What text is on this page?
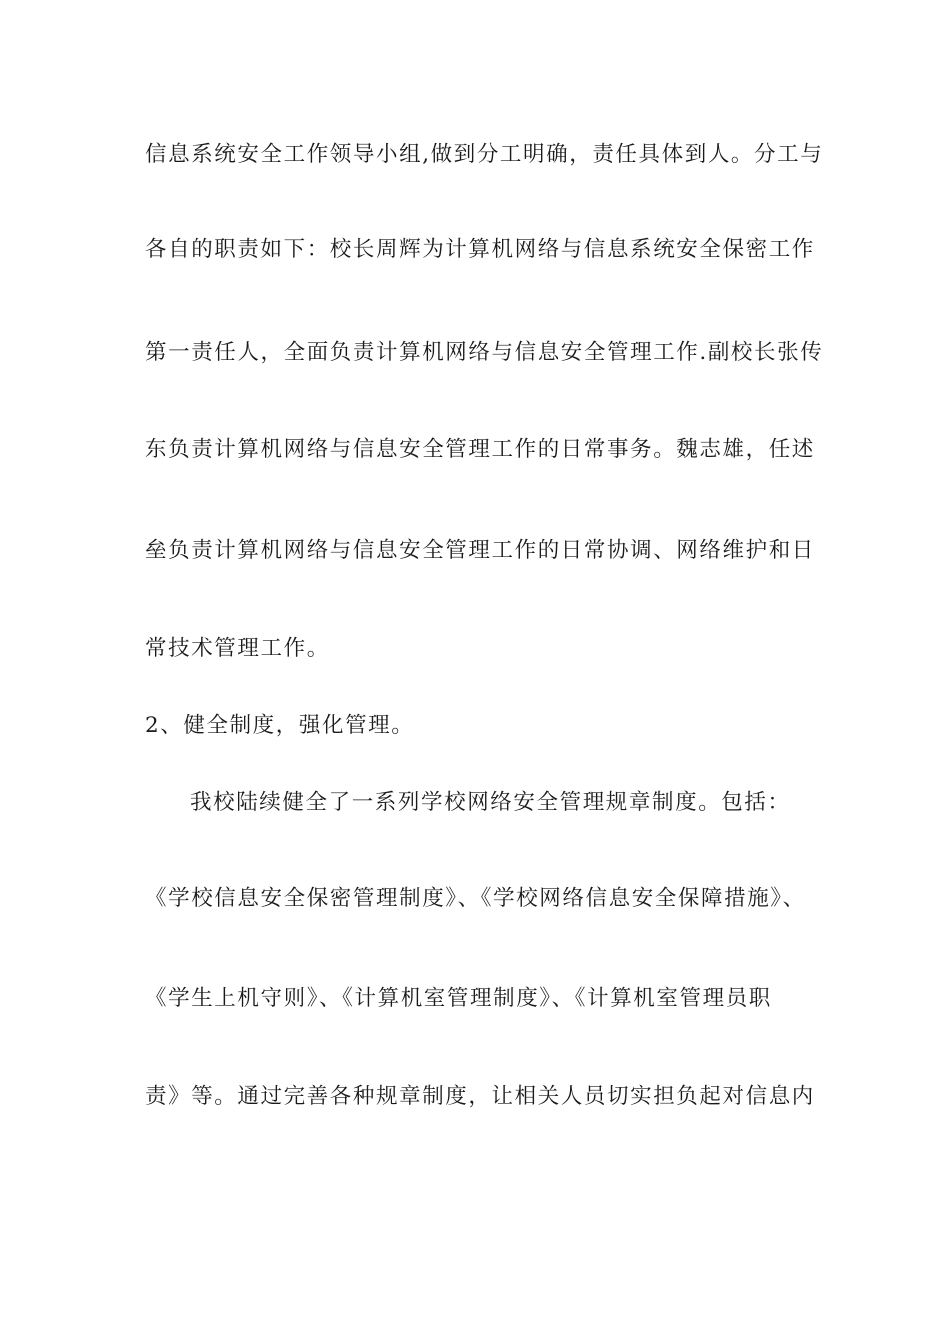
信息系统安全工作领导小组,做到分工明确，责任具体到人。分工与
各自的职责如下：校长周辉为计算机网络与信息系统安全保密工作
第一责任人，全面负责计算机网络与信息安全管理工作.副校长张传
东负责计算机网络与信息安全管理工作的日常事务。魏志雄，任述
垒负责计算机网络与信息安全管理工作的日常协调、网络维护和日
常技术管理工作。
2、健全制度，强化管理。
我校陆续健全了一系列学校网络安全管理规章制度。包括：
《学校信息安全保密管理制度》、《学校网络信息安全保障措施》、
《学生上机守则》、《计算机室管理制度》、《计算机室管理员职
责》等。通过完善各种规章制度，让相关人员切实担负起对信息内
